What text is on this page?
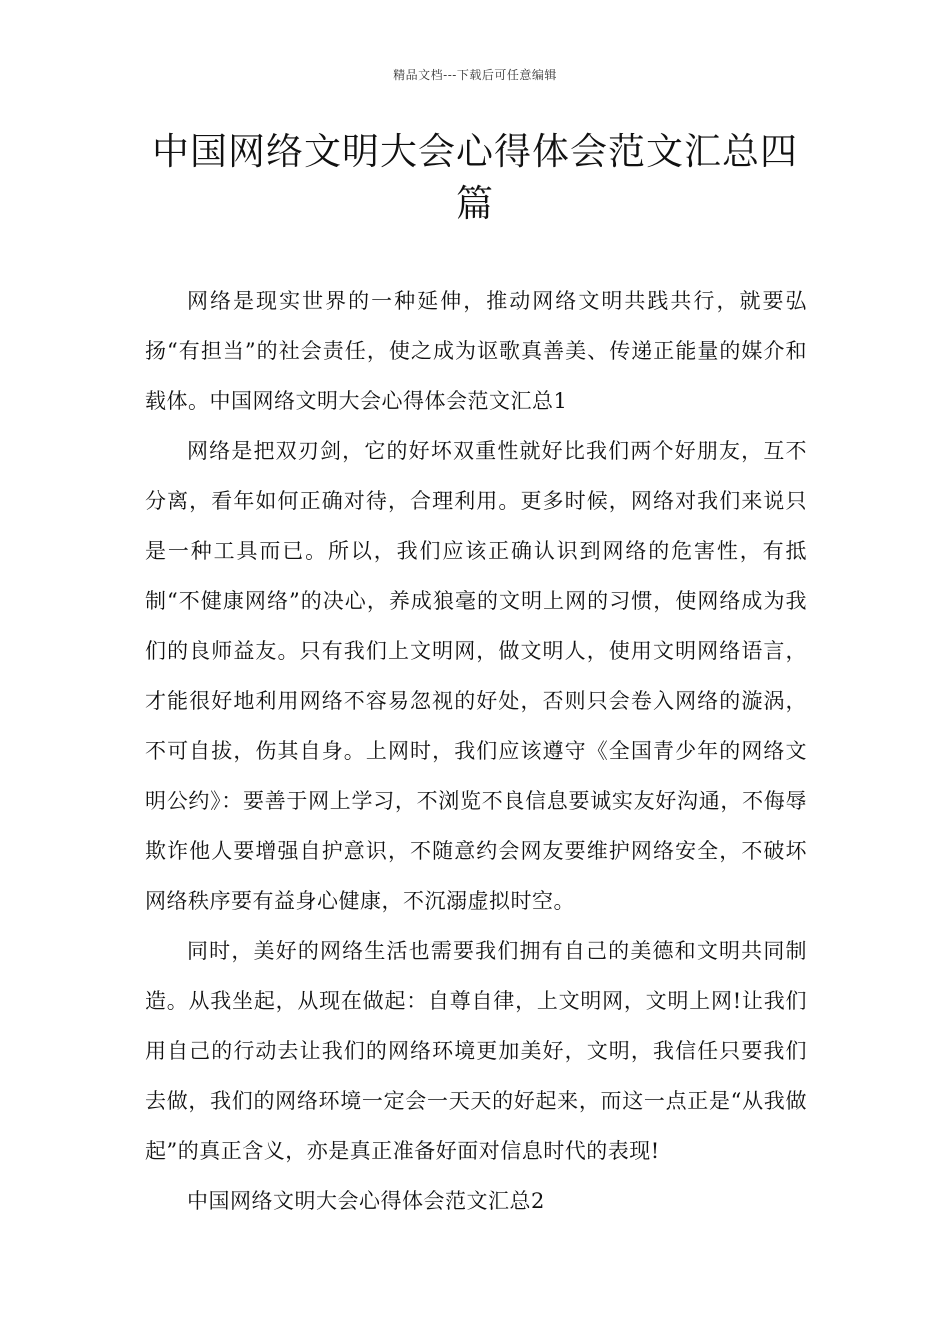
精品文档---下载后可任意编辑
中国网络文明大会心得体会范文汇总四篇

网络是现实世界的一种延伸，推动网络文明共践共行，就要弘扬“有担当”的社会责任，使之成为讴歌真善美、传递正能量的媒介和载体。中国网络文明大会心得体会范文汇总1

网络是把双刃剑，它的好坏双重性就好比我们两个好朋友，互不分离，看年如何正确对待，合理利用。更多时候，网络对我们来说只是一种工具而已。所以，我们应该正确认识到网络的危害性，有抵制“不健康网络”的决心，养成狼毫的文明上网的习惯，使网络成为我们的良师益友。只有我们上文明网，做文明人，使用文明网络语言，才能很好地利用网络不容易忽视的好处，否则只会卷入网络的漩涡，不可自拔，伤其自身。上网时，我们应该遵守《全国青少年的网络文明公约》：要善于网上学习，不浏览不良信息要诚实友好沟通，不侮辱欺诈他人要增强自护意识，不随意约会网友要维护网络安全，不破坏网络秩序要有益身心健康，不沉溺虚拟时空。

同时，美好的网络生活也需要我们拥有自己的美德和文明共同制造。从我坐起，从现在做起：自尊自律，上文明网，文明上网!让我们用自己的行动去让我们的网络环境更加美好，文明，我信任只要我们去做，我们的网络环境一定会一天天的好起来，而这一点正是“从我做起”的真正含义，亦是真正准备好面对信息时代的表现!

中国网络文明大会心得体会范文汇总2
